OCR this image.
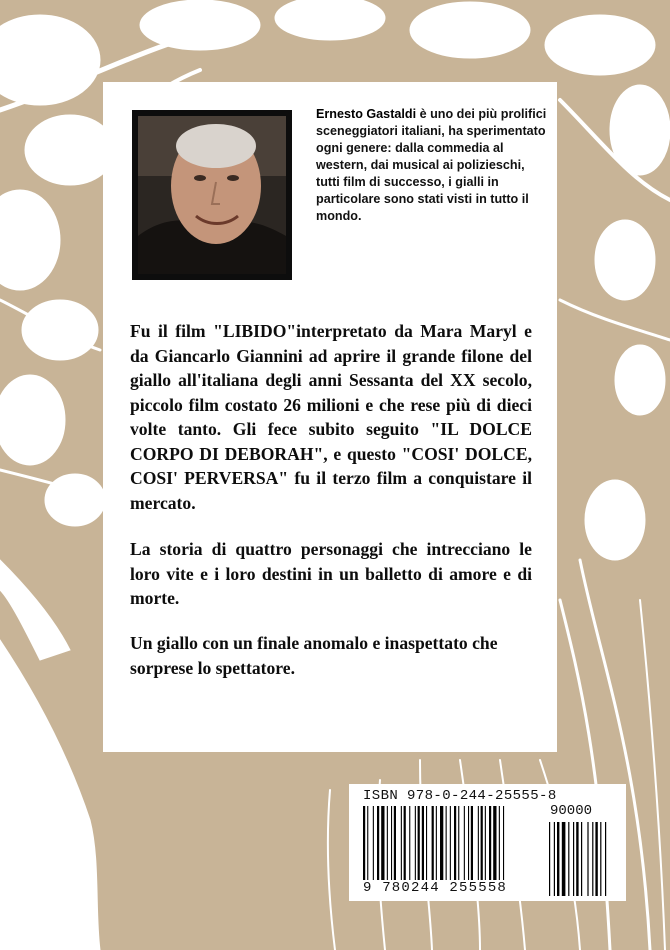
Ernesto Gastaldi è uno dei più prolifici sceneggiatori italiani, ha sperimentato ogni genere: dalla commedia al western, dai musical ai polizieschi, tutti film di successo, i gialli in particolare sono stati visti in tutto il mondo.

Fu il film "LIBIDO"interpretato da Mara Maryl e da Giancarlo Giannini ad aprire il grande filone del giallo all'italiana degli anni Sessanta del XX secolo, piccolo film costato 26 milioni e che rese più di dieci volte tanto. Gli fece subito seguito "IL DOLCE CORPO DI DEBORAH", e questo "COSI' DOLCE, COSI' PERVERSA" fu il terzo film a conquistare il mercato.

La storia di quattro personaggi che intrecciano le loro vite e i loro destini in un balletto di amore e di morte.

Un giallo con un finale anomalo e inaspettato che sorprese lo spettatore.

ISBN 978-0-244-25555-8
90000
9 780244 255558
